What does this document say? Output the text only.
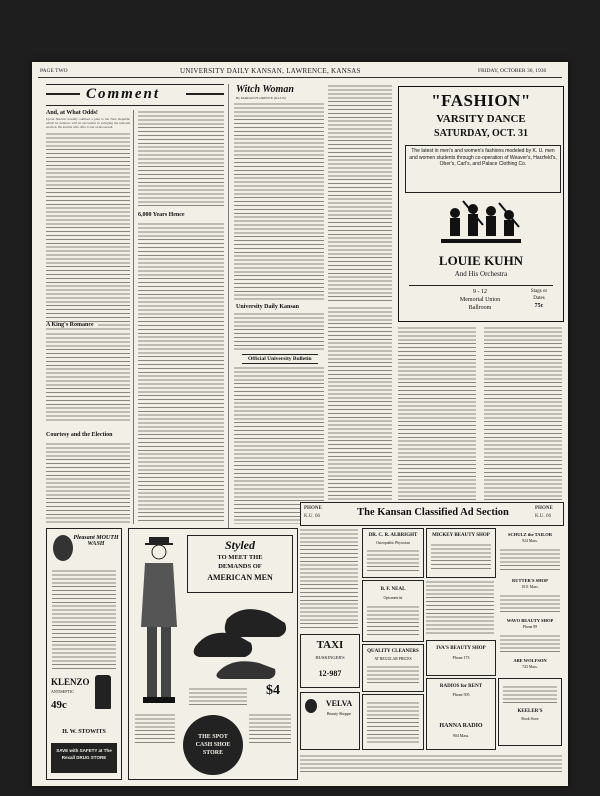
PAGE TWO	UNIVERSITY DAILY KANSAN, LAWRENCE, KANSAS	FRIDAY, OCTOBER 30, 1936
Comment
And, at What Odds!
Upton Sinclair recently outlined a plan to the New Republic which he believes will be successful in swinging the national election. He and his wife offer to bet on Roosevelt.
A King's Romance
Courtesy and the Election
6,000 Years Hence
Witch Woman
By MARIAN FLORENCE (ILLUS)
University Daily Kansan
Official University Bulletin
"FASHION"
VARSITY DANCE
SATURDAY, OCT. 31
The latest in men's and women's fashions modeled by K. U. men and women students through co-operation of Weaver's, Harzfeld's, Ober's, Carl's, and Palace Clothing Co.
LOUIE KUHN
And His Orchestra
9 - 12
Memorial Union
Ballroom
Stags or
Dates
75c
PHONE
K.U. 66	The Kansan Classified Ad Section	PHONE
K.U. 66
TAXI
HUSKINGER'S
12-987
VELVA
Beauty Shoppe
DR. C. R. ALBRIGHT
Osteopathic Physician
B. F. NEAL
Optometrist
QUALITY CLEANERS
AT REGULAR PRICES
MICKEY BEAUTY SHOP
IVA'S BEAUTY SHOP
Phone 173
RADIOS for RENT
Phone 505
HANNA RADIO
904 Mass.
SCHULZ the TAILOR
924 Mass.
RUTTER'S SHOP
1011 Mass.
WAVO BEAUTY SHOP
Phone 89
ABE WOLFSON
743 Mass.
KEELER'S
Book Store
Pleasant MOUTH WASH
KLENZO
ANTISEPTIC
49c
H. W. STOWITS
SAVE with SAFETY at The Rexall DRUG STORE
Styled
TO MEET THE
DEMANDS OF
AMERICAN MEN
$4
THE SPOT CASH SHOE STORE
